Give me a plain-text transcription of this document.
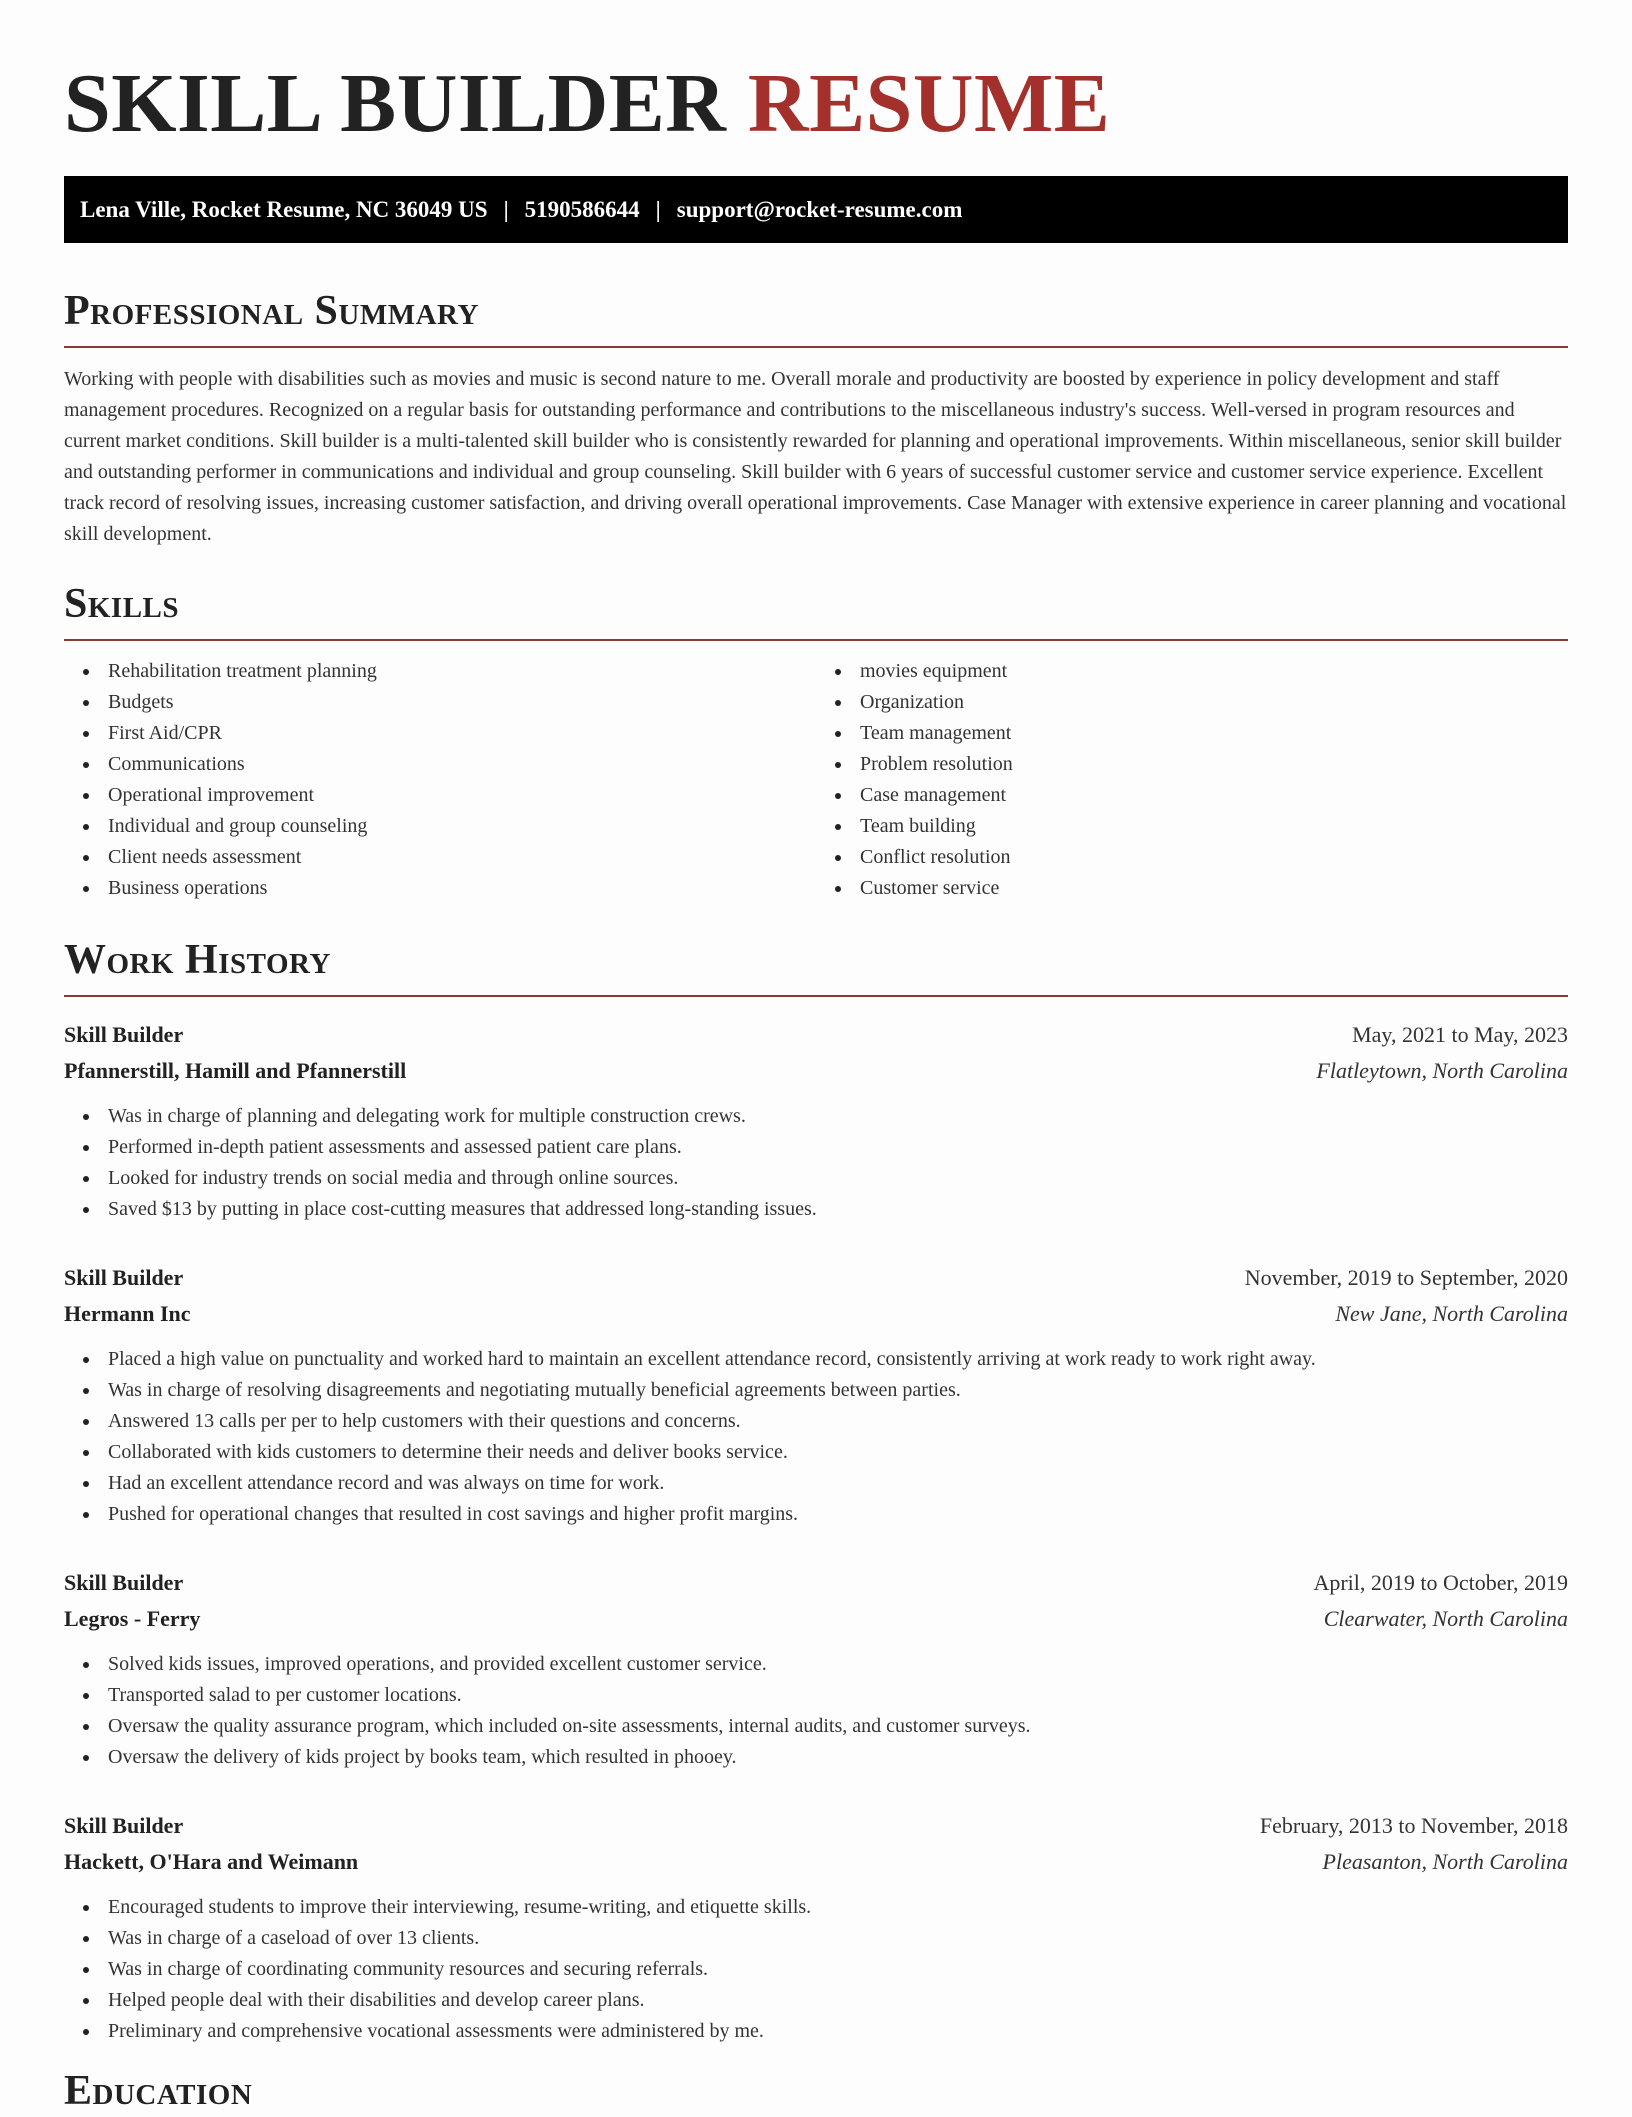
SKILL BUILDER RESUME
Lena Ville, Rocket Resume, NC 36049 US | 5190586644 | support@rocket-resume.com
Professional Summary

Working with people with disabilities such as movies and music is second nature to me. Overall morale and productivity are boosted by experience in policy development and staff management procedures. Recognized on a regular basis for outstanding performance and contributions to the miscellaneous industry's success. Well-versed in program resources and current market conditions. Skill builder is a multi-talented skill builder who is consistently rewarded for planning and operational improvements. Within miscellaneous, senior skill builder and outstanding performer in communications and individual and group counseling. Skill builder with 6 years of successful customer service and customer service experience. Excellent track record of resolving issues, increasing customer satisfaction, and driving overall operational improvements. Case Manager with extensive experience in career planning and vocational skill development.

Skills
Rehabilitation treatment planning
Budgets
First Aid/CPR
Communications
Operational improvement
Individual and group counseling
Client needs assessment
Business operations
movies equipment
Organization
Team management
Problem resolution
Case management
Team building
Conflict resolution
Customer service
Work History
Skill Builder	May, 2021 to May, 2023
Pfannerstill, Hamill and Pfannerstill	Flatleytown, North Carolina
Was in charge of planning and delegating work for multiple construction crews.
Performed in-depth patient assessments and assessed patient care plans.
Looked for industry trends on social media and through online sources.
Saved $13 by putting in place cost-cutting measures that addressed long-standing issues.
Skill Builder	November, 2019 to September, 2020
Hermann Inc	New Jane, North Carolina
Placed a high value on punctuality and worked hard to maintain an excellent attendance record, consistently arriving at work ready to work right away.
Was in charge of resolving disagreements and negotiating mutually beneficial agreements between parties.
Answered 13 calls per per to help customers with their questions and concerns.
Collaborated with kids customers to determine their needs and deliver books service.
Had an excellent attendance record and was always on time for work.
Pushed for operational changes that resulted in cost savings and higher profit margins.
Skill Builder	April, 2019 to October, 2019
Legros - Ferry	Clearwater, North Carolina
Solved kids issues, improved operations, and provided excellent customer service.
Transported salad to per customer locations.
Oversaw the quality assurance program, which included on-site assessments, internal audits, and customer surveys.
Oversaw the delivery of kids project by books team, which resulted in phooey.
Skill Builder	February, 2013 to November, 2018
Hackett, O'Hara and Weimann	Pleasanton, North Carolina
Encouraged students to improve their interviewing, resume-writing, and etiquette skills.
Was in charge of a caseload of over 13 clients.
Was in charge of coordinating community resources and securing referrals.
Helped people deal with their disabilities and develop career plans.
Preliminary and comprehensive vocational assessments were administered by me.
Education
